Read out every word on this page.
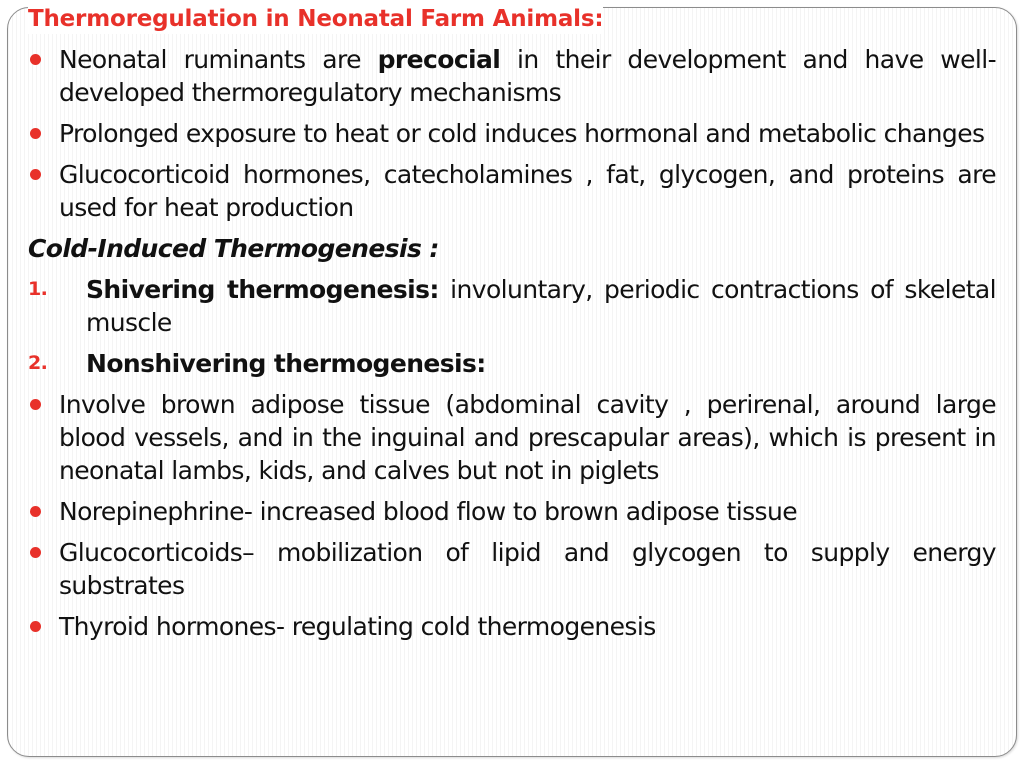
Thermoregulation in Neonatal Farm Animals:
Neonatal ruminants are precocial in their development and have well-developed thermoregulatory mechanisms
Prolonged exposure to heat or cold induces hormonal and metabolic changes
Glucocorticoid hormones, catecholamines , fat, glycogen, and proteins are used for heat production
Cold-Induced Thermogenesis :
1. Shivering thermogenesis: involuntary, periodic contractions of skeletal muscle
2. Nonshivering thermogenesis:
Involve brown adipose tissue (abdominal cavity , perirenal, around large blood vessels, and in the inguinal and prescapular areas), which is present in neonatal lambs, kids, and calves but not in piglets
Norepinephrine- increased blood flow to brown adipose tissue
Glucocorticoids– mobilization of lipid and glycogen to supply energy substrates
Thyroid hormones- regulating cold thermogenesis
